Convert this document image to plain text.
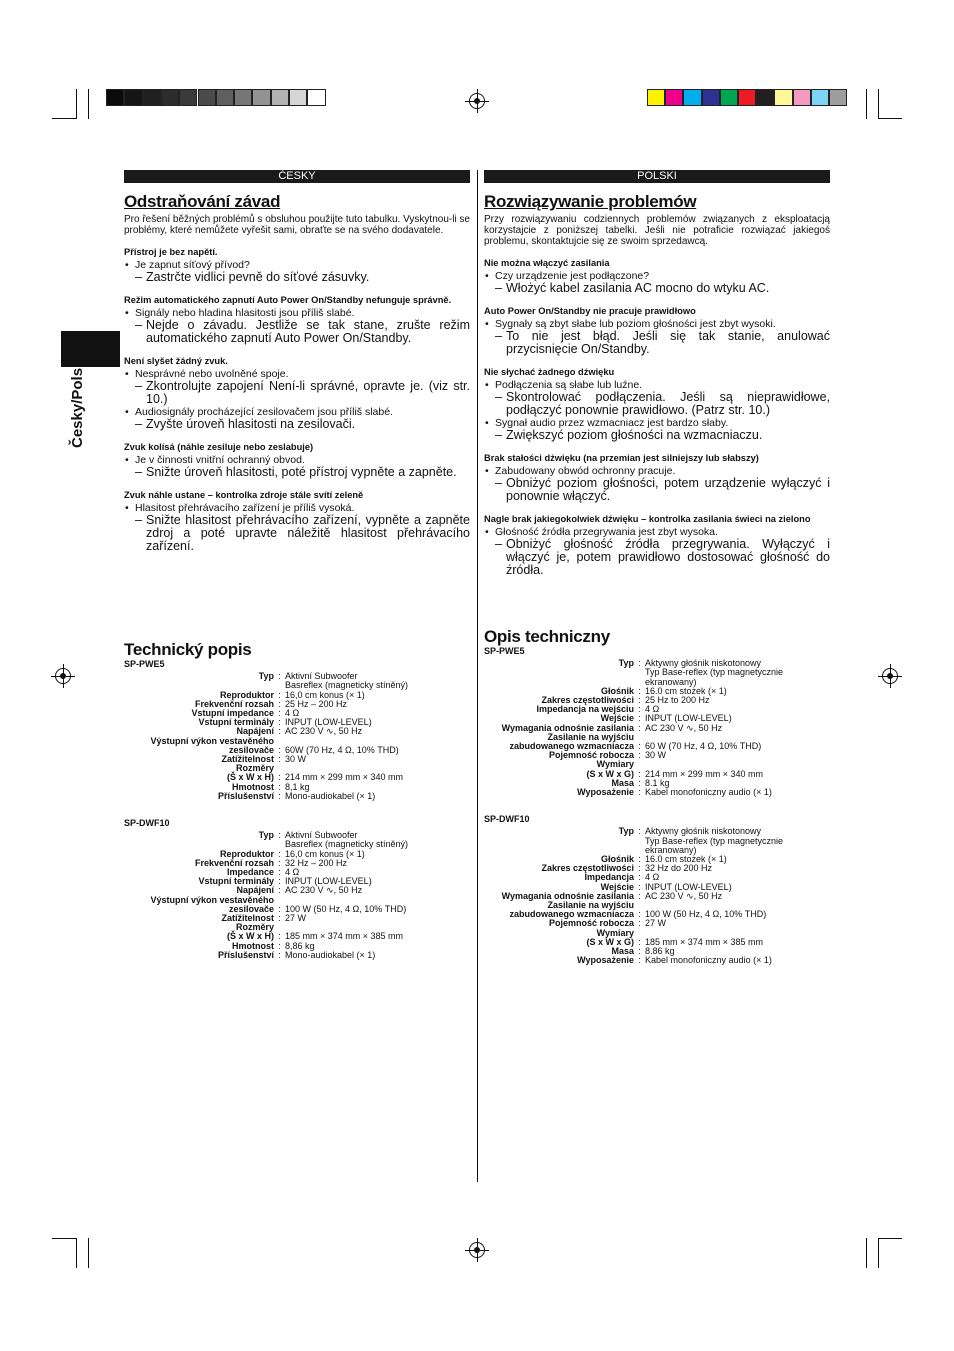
Česky/Polski
ČESKY	POLSKI
Odstraňování závad

Pro řešení běžných problémů s obsluhou použijte tuto tabulku. Vyskytnou-li se problémy, které nemůžete vyřešit sami, obraťte se na svého dodavatele.

Přístroj je bez napětí.
• Je zapnut síťový přívod?
– Zastrčte vidlici pevně do síťové zásuvky.
Režim automatického zapnutí Auto Power On/Standby nefunguje správně.
• Signály nebo hladina hlasitosti jsou příliš slabé.
– Nejde o závadu. Jestliže se tak stane, zrušte režim automatického zapnutí Auto Power On/Standby.
Není slyšet žádný zvuk.
• Nesprávné nebo uvolněné spoje.
– Zkontrolujte zapojení Není-li správné, opravte je. (viz str. 10.)
• Audiosignály procházející zesilovačem jsou příliš slabé.
– Zvyšte úroveň hlasitosti na zesilovači.
Zvuk kolísá (náhle zesiluje nebo zeslabuje)
• Je v činnosti vnitřní ochranný obvod.
– Snižte úroveň hlasitosti, poté přístroj vypněte a zapněte.
Zvuk náhle ustane – kontrolka zdroje stále svítí zeleně
• Hlasitost přehrávacího zařízení je příliš vysoká.
– Snižte hlasitost přehrávacího zařízení, vypněte a zapněte zdroj a poté upravte náležitě hlasitost přehrávacího zařízení.
Rozwiązywanie problemów

Przy rozwiązywaniu codziennych problemów związanych z eksploatacją korzystajcie z poniższej tabelki. Jeśli nie potraficie rozwiązać jakiegoś problemu, skontaktujcie się ze swoim sprzedawcą.

Nie można włączyć zasilania
• Czy urządzenie jest podłączone?
– Włożyć kabel zasilania AC mocno do wtyku AC.
Auto Power On/Standby nie pracuje prawidłowo
• Sygnały są zbyt słabe lub poziom głośności jest zbyt wysoki.
– To nie jest błąd. Jeśli się tak stanie, anulować przycisnięcie On/Standby.
Nie słychać żadnego dźwięku
• Podłączenia są słabe lub luźne.
– Skontrolować podłączenia. Jeśli są nieprawidłowe, podłączyć ponownie prawidłowo. (Patrz str. 10.)
• Sygnał audio przez wzmacniacz jest bardzo słaby.
– Zwiększyć poziom głośności na wzmacniaczu.
Brak stałości dźwięku (na przemian jest silniejszy lub słabszy)
• Zabudowany obwód ochronny pracuje.
– Obniżyć poziom głośności, potem urządzenie wyłączyć i ponownie włączyć.
Nagle brak jakiegokolwiek dźwięku – kontrolka zasilania świeci na zielono
• Głośność źródła przegrywania jest zbyt wysoka.
– Obniżyć głośność źródła przegrywania. Wyłączyć i włączyć je, potem prawidłowo dostosować głośność do źródła.
Technický popis
SP-PWE5
Typ : Aktivní Subwoofer
Basreflex (magneticky stíněný)
Reproduktor : 16,0 cm konus (× 1)
Frekvenční rozsah : 25 Hz – 200 Hz
Vstupní impedance : 4 Ω
Vstupní terminály : INPUT (LOW-LEVEL)
Napájení : AC 230 V ∿, 50 Hz
Výstupní výkon vestavěného
zesilovače : 60W (70 Hz, 4 Ω, 10% THD)
Zatížitelnost : 30 W
Rozměry
(Š x W x H) : 214 mm × 299 mm × 340 mm
Hmotnost : 8,1 kg
Příslušenství : Mono-audiokabel (× 1)
SP-DWF10
Typ : Aktivní Subwoofer
Basreflex (magneticky stíněný)
Reproduktor : 16,0 cm konus (× 1)
Frekvenční rozsah : 32 Hz – 200 Hz
Impedance : 4 Ω
Vstupní terminály : INPUT (LOW-LEVEL)
Napájení : AC 230 V ∿, 50 Hz
Výstupní výkon vestavěného
zesilovače : 100 W (50 Hz, 4 Ω, 10% THD)
Zatížitelnost : 27 W
Rozměry
(Š x W x H) : 185 mm × 374 mm × 385 mm
Hmotnost : 8,86 kg
Příslušenství : Mono-audiokabel (× 1)
Opis techniczny
SP-PWE5
Typ : Aktywny głośnik niskotonowy
Typ Base-reflex (typ magnetycznie
ekranowany)
Głośnik : 16.0 cm stożek (× 1)
Zakres częstotliwości : 25 Hz to 200 Hz
Impedancja na wejściu : 4 Ω
Wejście : INPUT (LOW-LEVEL)
Wymagania odnośnie zasilania : AC 230 V ∿, 50 Hz
Zasilanie na wyjściu
zabudowanego wzmacniacza : 60 W (70 Hz, 4 Ω, 10% THD)
Pojemność robocza : 30 W
Wymiary
(S x W x G) : 214 mm × 299 mm × 340 mm
Masa : 8.1 kg
Wyposażenie : Kabel monofoniczny audio (× 1)
SP-DWF10
Typ : Aktywny głośnik niskotonowy
Typ Base-reflex (typ magnetycznie
ekranowany)
Głośnik : 16.0 cm stożek (× 1)
Zakres częstotliwości : 32 Hz do 200 Hz
Impedancja : 4 Ω
Wejście : INPUT (LOW-LEVEL)
Wymagania odnośnie zasilania : AC 230 V ∿, 50 Hz
Zasilanie na wyjściu
zabudowanego wzmacniacza : 100 W (50 Hz, 4 Ω, 10% THD)
Pojemność robocza : 27 W
Wymiary
(S x W x G) : 185 mm × 374 mm × 385 mm
Masa : 8.86 kg
Wyposażenie : Kabel monofoniczny audio (× 1)
